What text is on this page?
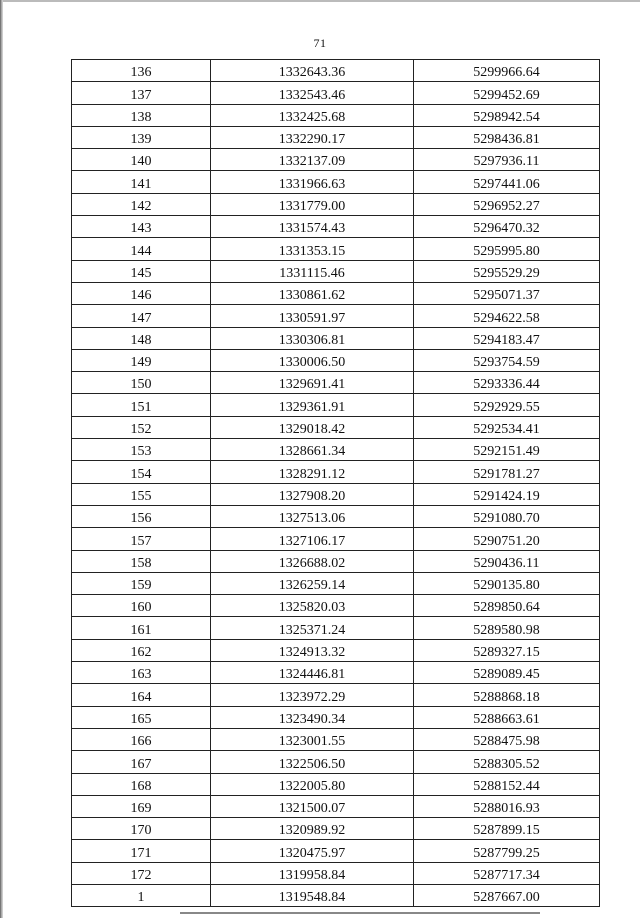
71
136	1332643.36	5299966.64
137	1332543.46	5299452.69
138	1332425.68	5298942.54
139	1332290.17	5298436.81
140	1332137.09	5297936.11
141	1331966.63	5297441.06
142	1331779.00	5296952.27
143	1331574.43	5296470.32
144	1331353.15	5295995.80
145	1331115.46	5295529.29
146	1330861.62	5295071.37
147	1330591.97	5294622.58
148	1330306.81	5294183.47
149	1330006.50	5293754.59
150	1329691.41	5293336.44
151	1329361.91	5292929.55
152	1329018.42	5292534.41
153	1328661.34	5292151.49
154	1328291.12	5291781.27
155	1327908.20	5291424.19
156	1327513.06	5291080.70
157	1327106.17	5290751.20
158	1326688.02	5290436.11
159	1326259.14	5290135.80
160	1325820.03	5289850.64
161	1325371.24	5289580.98
162	1324913.32	5289327.15
163	1324446.81	5289089.45
164	1323972.29	5288868.18
165	1323490.34	5288663.61
166	1323001.55	5288475.98
167	1322506.50	5288305.52
168	1322005.80	5288152.44
169	1321500.07	5288016.93
170	1320989.92	5287899.15
171	1320475.97	5287799.25
172	1319958.84	5287717.34
1	1319548.84	5287667.00
